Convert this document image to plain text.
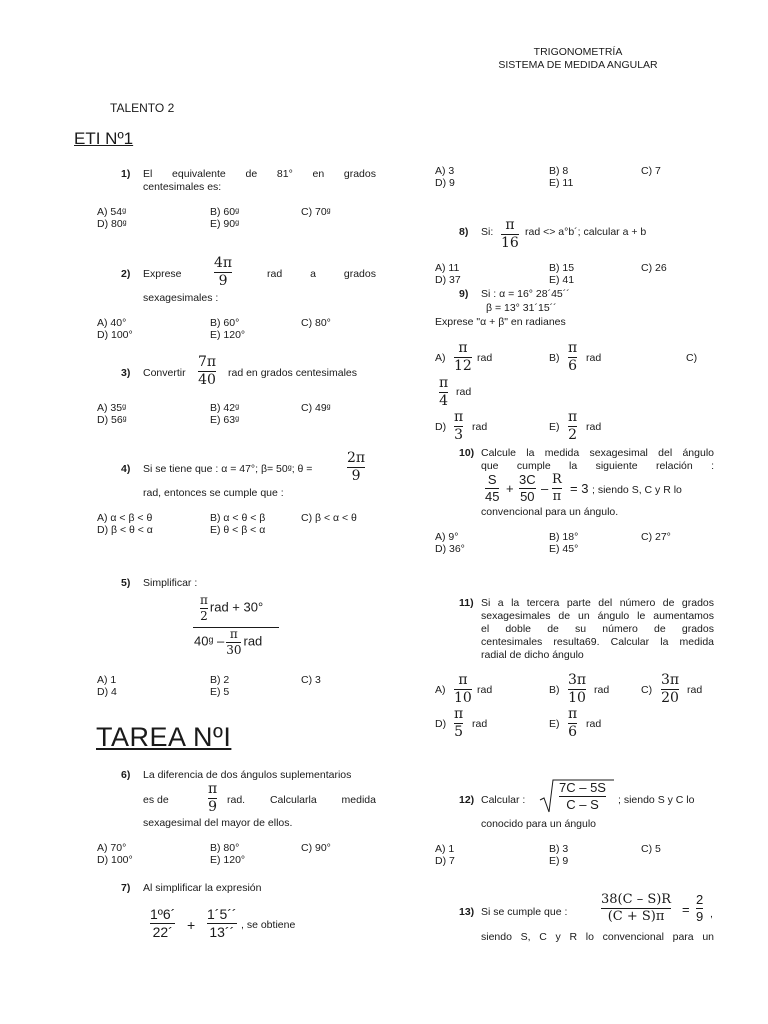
TRIGONOMETRÍA
SISTEMA DE MEDIDA ANGULAR
TALENTO 2
ETI Nº1
1) El equivalente de 81° en grados
centesimales es:
A) 54ᵍ	B) 60ᵍ	C) 70ᵍ
D) 80ᵍ	E) 90ᵍ
2) Exprese
4π
9	rad a grados
sexagesimales :
A) 40°	B) 60°	C) 80°
D) 100°	E) 120°
3) Convertir
7π
40 rad en grados centesimales
A) 35ᵍ	B) 42ᵍ	C) 49ᵍ
D) 56ᵍ	E) 63ᵍ
4) Si se tiene que : α = 47°; β= 50ᵍ; θ =
2π
9
rad, entonces se cumple que :
A) α < β < θ	B) α < θ < β	C) β < α < θ
D) β < θ < α	E) θ < β < α
5) Simplificar :
$\frac{\pi}{2}$ rad + 30°
40ᵍ – $\frac{\pi}{30}$ rad
A) 1	B) 2	C) 3
D) 4	E) 5
TAREA NºI
6) La diferencia de dos ángulos suplementarios
es de
π
9 rad. Calcularla medida
sexagesimal del mayor de ellos.
A) 70°	B) 80°	C) 90°
D) 100°	E) 120°
7) Al simplificar la expresión
1º6´
22´ +
1´5´´
13´´ , se obtiene
A) 3	B) 8	C) 7
D) 9	E) 11
8) Si: π
16
rad <> a°b´; calcular a + b
A) 11	B) 15	C) 26
D) 37	E) 41
9) Si : α = 16° 28´45´´
β = 13° 31´15´´
Exprese "α + β" en radianes
A)
π
12 rad	B)
π
6 rad	C)
π
4
rad
D)
π
3 rad	E)
π
2 rad
10) Calcule la medida sexagesimal del ángulo
que cumple la siguiente relación :
S
45
+
3C
50
–
R
π
= 3 ; siendo S, C y R lo
convencional para un ángulo.
A) 9°	B) 18°	C) 27°
D) 36°	E) 45°
11) Si a la tercera parte del número de grados
sexagesimales de un ángulo le aumentamos
el doble de su número de grados
centesimales resulta69. Calcular la medida
radial de dicho ángulo
A)
π
10 rad	B)
3π
10 rad	C)
3π
20 rad
D)
π
5 rad	E)
π
6 rad
12) Calcular :
7C – 5S
C – S ; siendo S y C lo
conocido para un ángulo
A) 1	B) 3	C) 5
D) 7	E) 9
13) Si se cumple que :
38(C – S)R
(C + S)π =
2
9 ,
siendo S, C y R lo convencional para un
